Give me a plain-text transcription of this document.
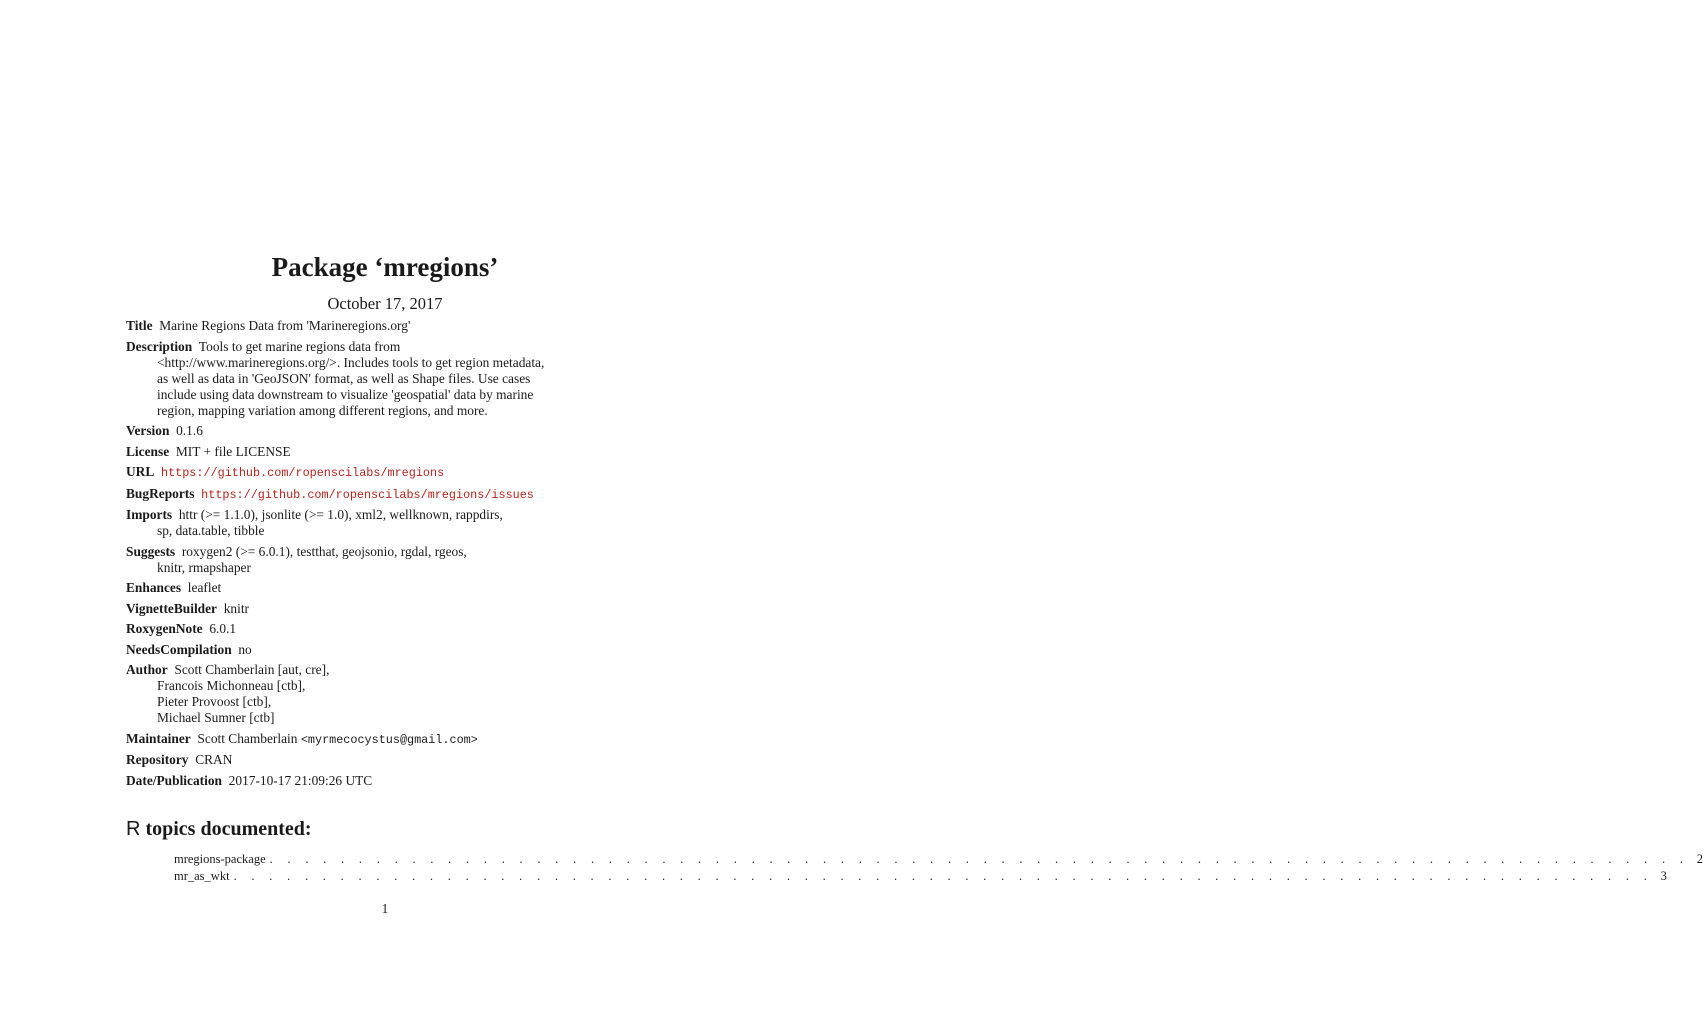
Package ‘mregions’
October 17, 2017
Title  Marine Regions Data from 'Marineregions.org'
Description  Tools to get marine regions data from
<http://www.marineregions.org/>. Includes tools to get region metadata,
as well as data in 'GeoJSON' format, as well as Shape files. Use cases
include using data downstream to visualize 'geospatial' data by marine
region, mapping variation among different regions, and more.
Version  0.1.6
License  MIT + file LICENSE
URL  https://github.com/ropenscilabs/mregions
BugReports  https://github.com/ropenscilabs/mregions/issues
Imports  httr (>= 1.1.0), jsonlite (>= 1.0), xml2, wellknown, rappdirs,
sp, data.table, tibble
Suggests  roxygen2 (>= 6.0.1), testthat, geojsonio, rgdal, rgeos,
knitr, rmapshaper
Enhances  leaflet
VignetteBuilder  knitr
RoxygenNote  6.0.1
NeedsCompilation  no
Author  Scott Chamberlain [aut, cre],
Francois Michonneau [ctb],
Pieter Provoost [ctb],
Michael Sumner [ctb]
Maintainer  Scott Chamberlain <myrmecocystus@gmail.com>
Repository  CRAN
Date/Publication  2017-10-17 21:09:26 UTC
R topics documented:
mregions-package . . . . . . . . . . . . . . . . . . . . . . . . . . . . . . . . . . . . . . . . . . . . . . . . . . . . . . . . . . . . . . . . . . . . . . . . . . . . . . . . 2
mr_as_wkt . . . . . . . . . . . . . . . . . . . . . . . . . . . . . . . . . . . . . . . . . . . . . . . . . . . . . . . . . . . . . . . . . . . . . . . . . . . . . . . . 3
1
